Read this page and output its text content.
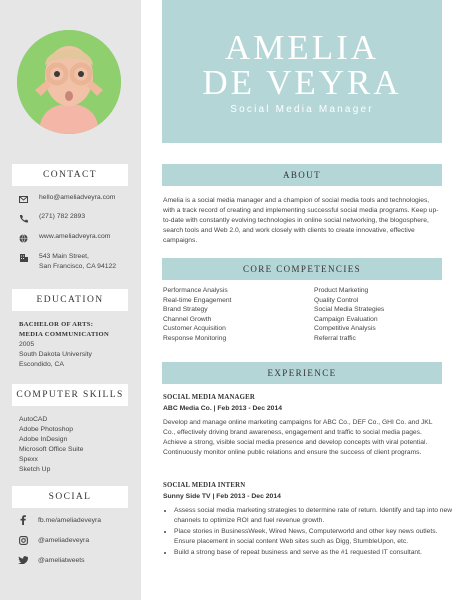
CONTACT
hello@ameliadveyra.com
(271) 782 2893
www.ameliadveyra.com
543 Main Street,
San Francisco, CA 94122
EDUCATION
BACHELOR OF ARTS:
MEDIA COMMUNICATION
2005
South Dakota University
Escondido, CA
COMPUTER SKILLS
AutoCAD
Adobe Photoshop
Adobe InDesign
Microsoft Office Suite
Spexx
Sketch Up
SOCIAL
fb.me/ameliadeveyra
@ameliadeveyra
@ameliatweets
AMELIA
DE VEYRA
Social Media Manager
ABOUT
Amelia is a social media manager and a champion of social media tools and technologies, with a track record of creating and implementing successful social media programs. Keep up-to-date with constantly evolving technologies in online social networking, the blogosphere, search tools and Web 2.0, and work closely with clients to create innovative, effective campaigns.
CORE COMPETENCIES
Performance Analysis
Real-time Engagement
Brand Strategy
Channel Growth
Customer Acquisition
Response Monitoring
Product Marketing
Quality Control
Social Media Strategies
Campaign Evaluation
Competitive Analysis
Referral traffic
EXPERIENCE
SOCIAL MEDIA MANAGER
ABC Media Co. | Feb 2013 - Dec 2014
Develop and manage online marketing campaigns for ABC Co., DEF Co., GHI Co. and JKL Co., effectively driving brand awareness, engagement and traffic to social media pages.
Achieve a strong, visible social media presence and develop concepts with viral potential. Continuously monitor online public relations and ensure the success of client programs.
SOCIAL MEDIA INTERN
Sunny Side TV | Feb 2013 - Dec 2014
• Assess social media marketing strategies to determine rate of return. Identify and tap into new channels to optimize ROI and fuel revenue growth.
• Place stories in BusinessWeek, Wired News, Computerworld and other key news outlets. Ensure placement in social content Web sites such as Digg, StumbleUpon, etc.
• Build a strong base of repeat business and serve as the #1 requested IT consultant.
